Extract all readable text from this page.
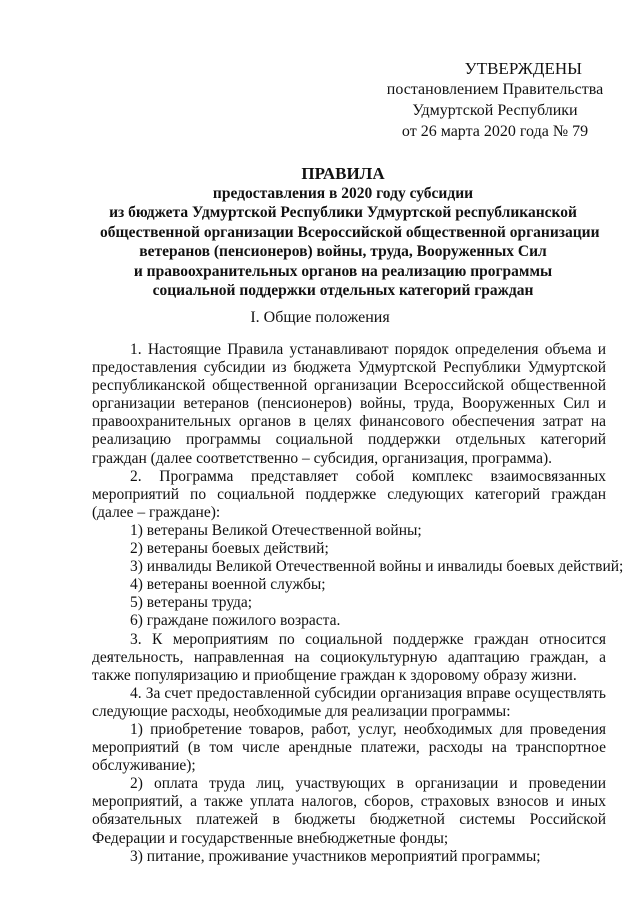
УТВЕРЖДЕНЫ
постановлением Правительства
Удмуртской Республики
от 26 марта 2020 года № 79
ПРАВИЛА
предоставления в 2020 году субсидии
из бюджета Удмуртской Республики Удмуртской республиканской
общественной организации Всероссийской общественной организации
ветеранов (пенсионеров) войны, труда, Вооруженных Сил
и правоохранительных органов на реализацию программы
социальной поддержки отдельных категорий граждан
I. Общие положения

1. Настоящие Правила устанавливают порядок определения объема и предоставления субсидии из бюджета Удмуртской Республики Удмуртской республиканской общественной организации Всероссийской общественной организации ветеранов (пенсионеров) войны, труда, Вооруженных Сил и правоохранительных органов в целях финансового обеспечения затрат на реализацию программы социальной поддержки отдельных категорий граждан (далее соответственно – субсидия, организация, программа).

2. Программа представляет собой комплекс взаимосвязанных мероприятий по социальной поддержке следующих категорий граждан (далее – граждане):

1) ветераны Великой Отечественной войны;

2) ветераны боевых действий;

3) инвалиды Великой Отечественной войны и инвалиды боевых действий;

4) ветераны военной службы;

5) ветераны труда;

6) граждане пожилого возраста.

3. К мероприятиям по социальной поддержке граждан относится деятельность, направленная на социокультурную адаптацию граждан, а также популяризацию и приобщение граждан к здоровому образу жизни.

4. За счет предоставленной субсидии организация вправе осуществлять следующие расходы, необходимые для реализации программы:

1) приобретение товаров, работ, услуг, необходимых для проведения мероприятий (в том числе арендные платежи, расходы на транспортное обслуживание);

2) оплата труда лиц, участвующих в организации и проведении мероприятий, а также уплата налогов, сборов, страховых взносов и иных обязательных платежей в бюджеты бюджетной системы Российской Федерации и государственные внебюджетные фонды;

3) питание, проживание участников мероприятий программы;
